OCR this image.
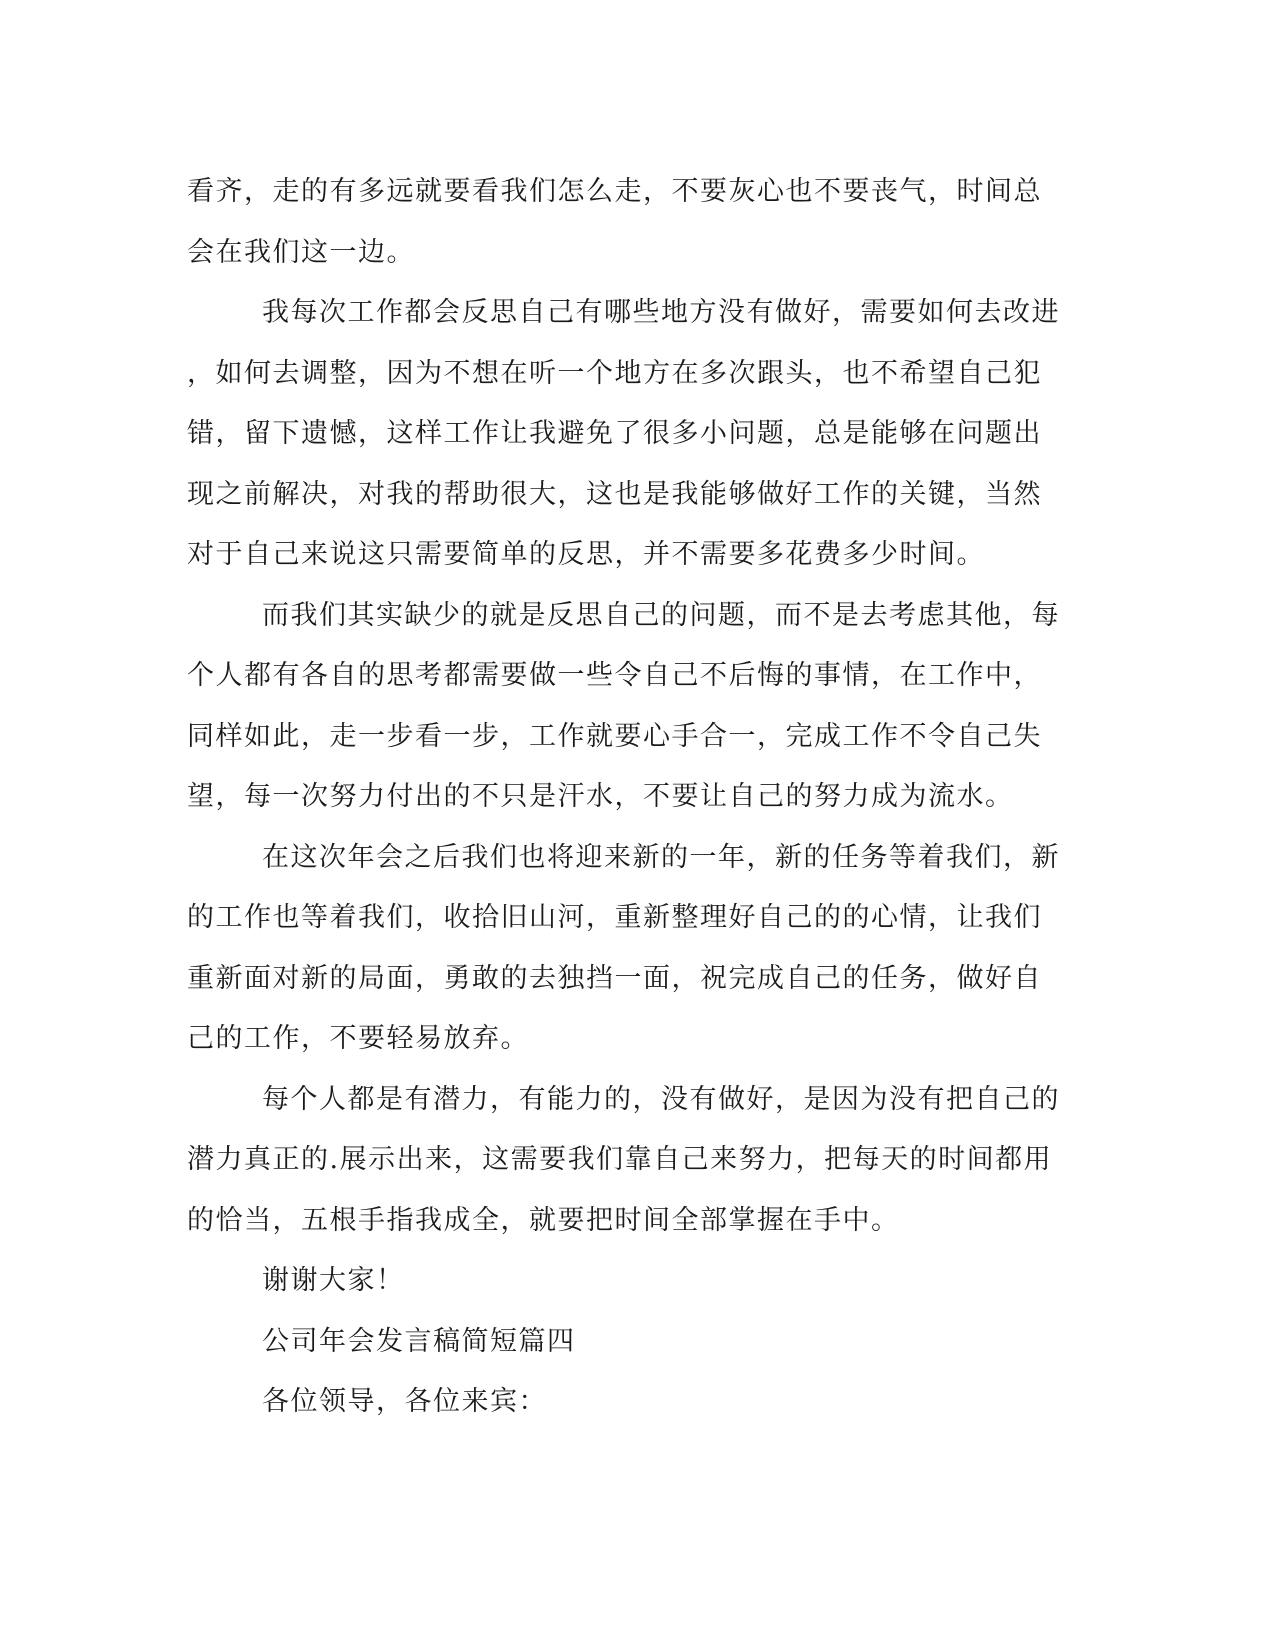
看齐，走的有多远就要看我们怎么走，不要灰心也不要丧气，时间总
会在我们这一边。
我每次工作都会反思自己有哪些地方没有做好，需要如何去改进
，如何去调整，因为不想在听一个地方在多次跟头，也不希望自己犯
错，留下遗憾，这样工作让我避免了很多小问题，总是能够在问题出
现之前解决，对我的帮助很大，这也是我能够做好工作的关键，当然
对于自己来说这只需要简单的反思，并不需要多花费多少时间。
而我们其实缺少的就是反思自己的问题，而不是去考虑其他，每
个人都有各自的思考都需要做一些令自己不后悔的事情，在工作中，
同样如此，走一步看一步，工作就要心手合一，完成工作不令自己失
望，每一次努力付出的不只是汗水，不要让自己的努力成为流水。
在这次年会之后我们也将迎来新的一年，新的任务等着我们，新
的工作也等着我们，收拾旧山河，重新整理好自己的的心情，让我们
重新面对新的局面，勇敢的去独挡一面，祝完成自己的任务，做好自
己的工作，不要轻易放弃。
每个人都是有潜力，有能力的，没有做好，是因为没有把自己的
潜力真正的.展示出来，这需要我们靠自己来努力，把每天的时间都用
的恰当，五根手指我成全，就要把时间全部掌握在手中。
谢谢大家！
公司年会发言稿简短篇四
各位领导，各位来宾：
